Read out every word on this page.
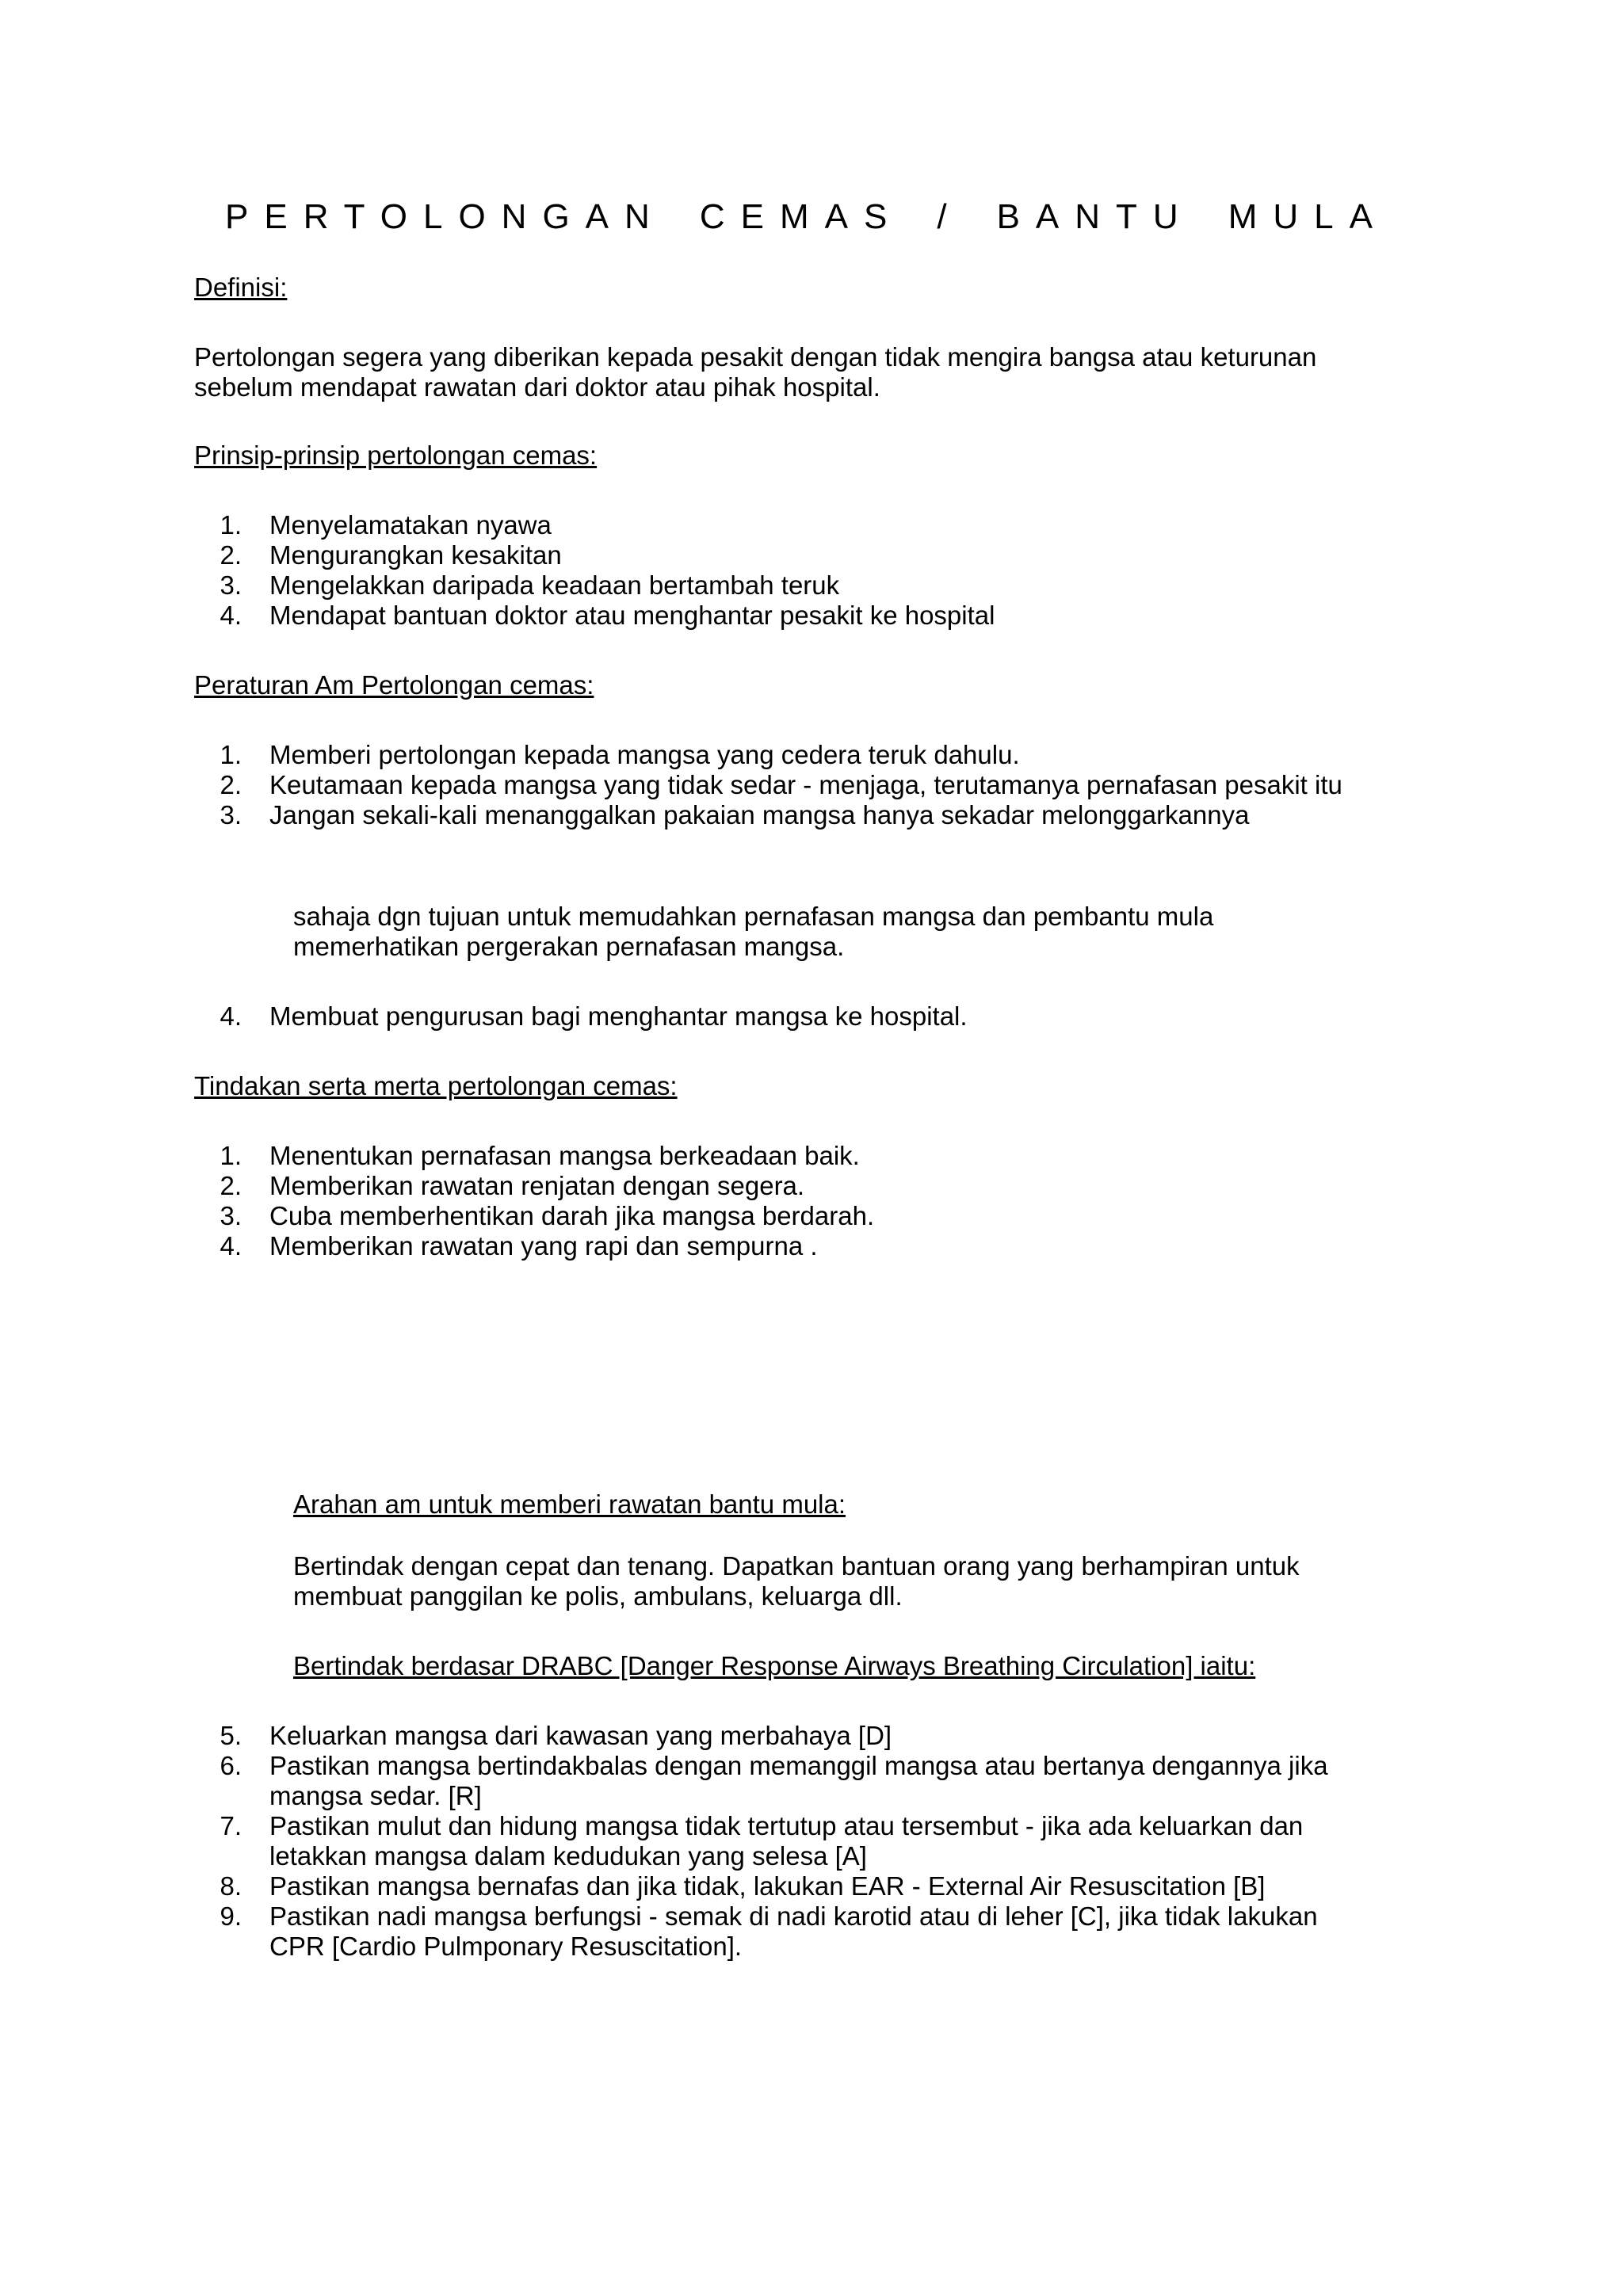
PERTOLONGAN CEMAS / BANTU MULA
Definisi:
Pertolongan segera yang diberikan kepada pesakit dengan tidak mengira bangsa atau keturunan
sebelum mendapat rawatan dari doktor atau pihak hospital.
Prinsip-prinsip pertolongan cemas:
1. Menyelamatakan nyawa
2. Mengurangkan kesakitan
3. Mengelakkan daripada keadaan bertambah teruk
4. Mendapat bantuan doktor atau menghantar pesakit ke hospital
Peraturan Am Pertolongan cemas:
1. Memberi pertolongan kepada mangsa yang cedera teruk dahulu.
2. Keutamaan kepada mangsa yang tidak sedar - menjaga, terutamanya pernafasan pesakit itu
3. Jangan sekali-kali menanggalkan pakaian mangsa hanya sekadar melonggarkannya
sahaja dgn tujuan untuk memudahkan pernafasan mangsa dan pembantu mula
memerhatikan pergerakan pernafasan mangsa.
4. Membuat pengurusan bagi menghantar mangsa ke hospital.
Tindakan serta merta pertolongan cemas:
1. Menentukan pernafasan mangsa berkeadaan baik.
2. Memberikan rawatan renjatan dengan segera.
3. Cuba memberhentikan darah jika mangsa berdarah.
4. Memberikan rawatan yang rapi dan sempurna .
Arahan am untuk memberi rawatan bantu mula:
Bertindak dengan cepat dan tenang. Dapatkan bantuan orang yang berhampiran untuk
membuat panggilan ke polis, ambulans, keluarga dll.
Bertindak berdasar DRABC [Danger Response Airways Breathing Circulation] iaitu:
5. Keluarkan mangsa dari kawasan yang merbahaya [D]
6. Pastikan mangsa bertindakbalas dengan memanggil mangsa atau bertanya dengannya jika
mangsa sedar. [R]
7. Pastikan mulut dan hidung mangsa tidak tertutup atau tersembut - jika ada keluarkan dan
letakkan mangsa dalam kedudukan yang selesa [A]
8. Pastikan mangsa bernafas dan jika tidak, lakukan EAR - External Air Resuscitation [B]
9. Pastikan nadi mangsa berfungsi - semak di nadi karotid atau di leher [C], jika tidak lakukan
CPR [Cardio Pulmponary Resuscitation].
